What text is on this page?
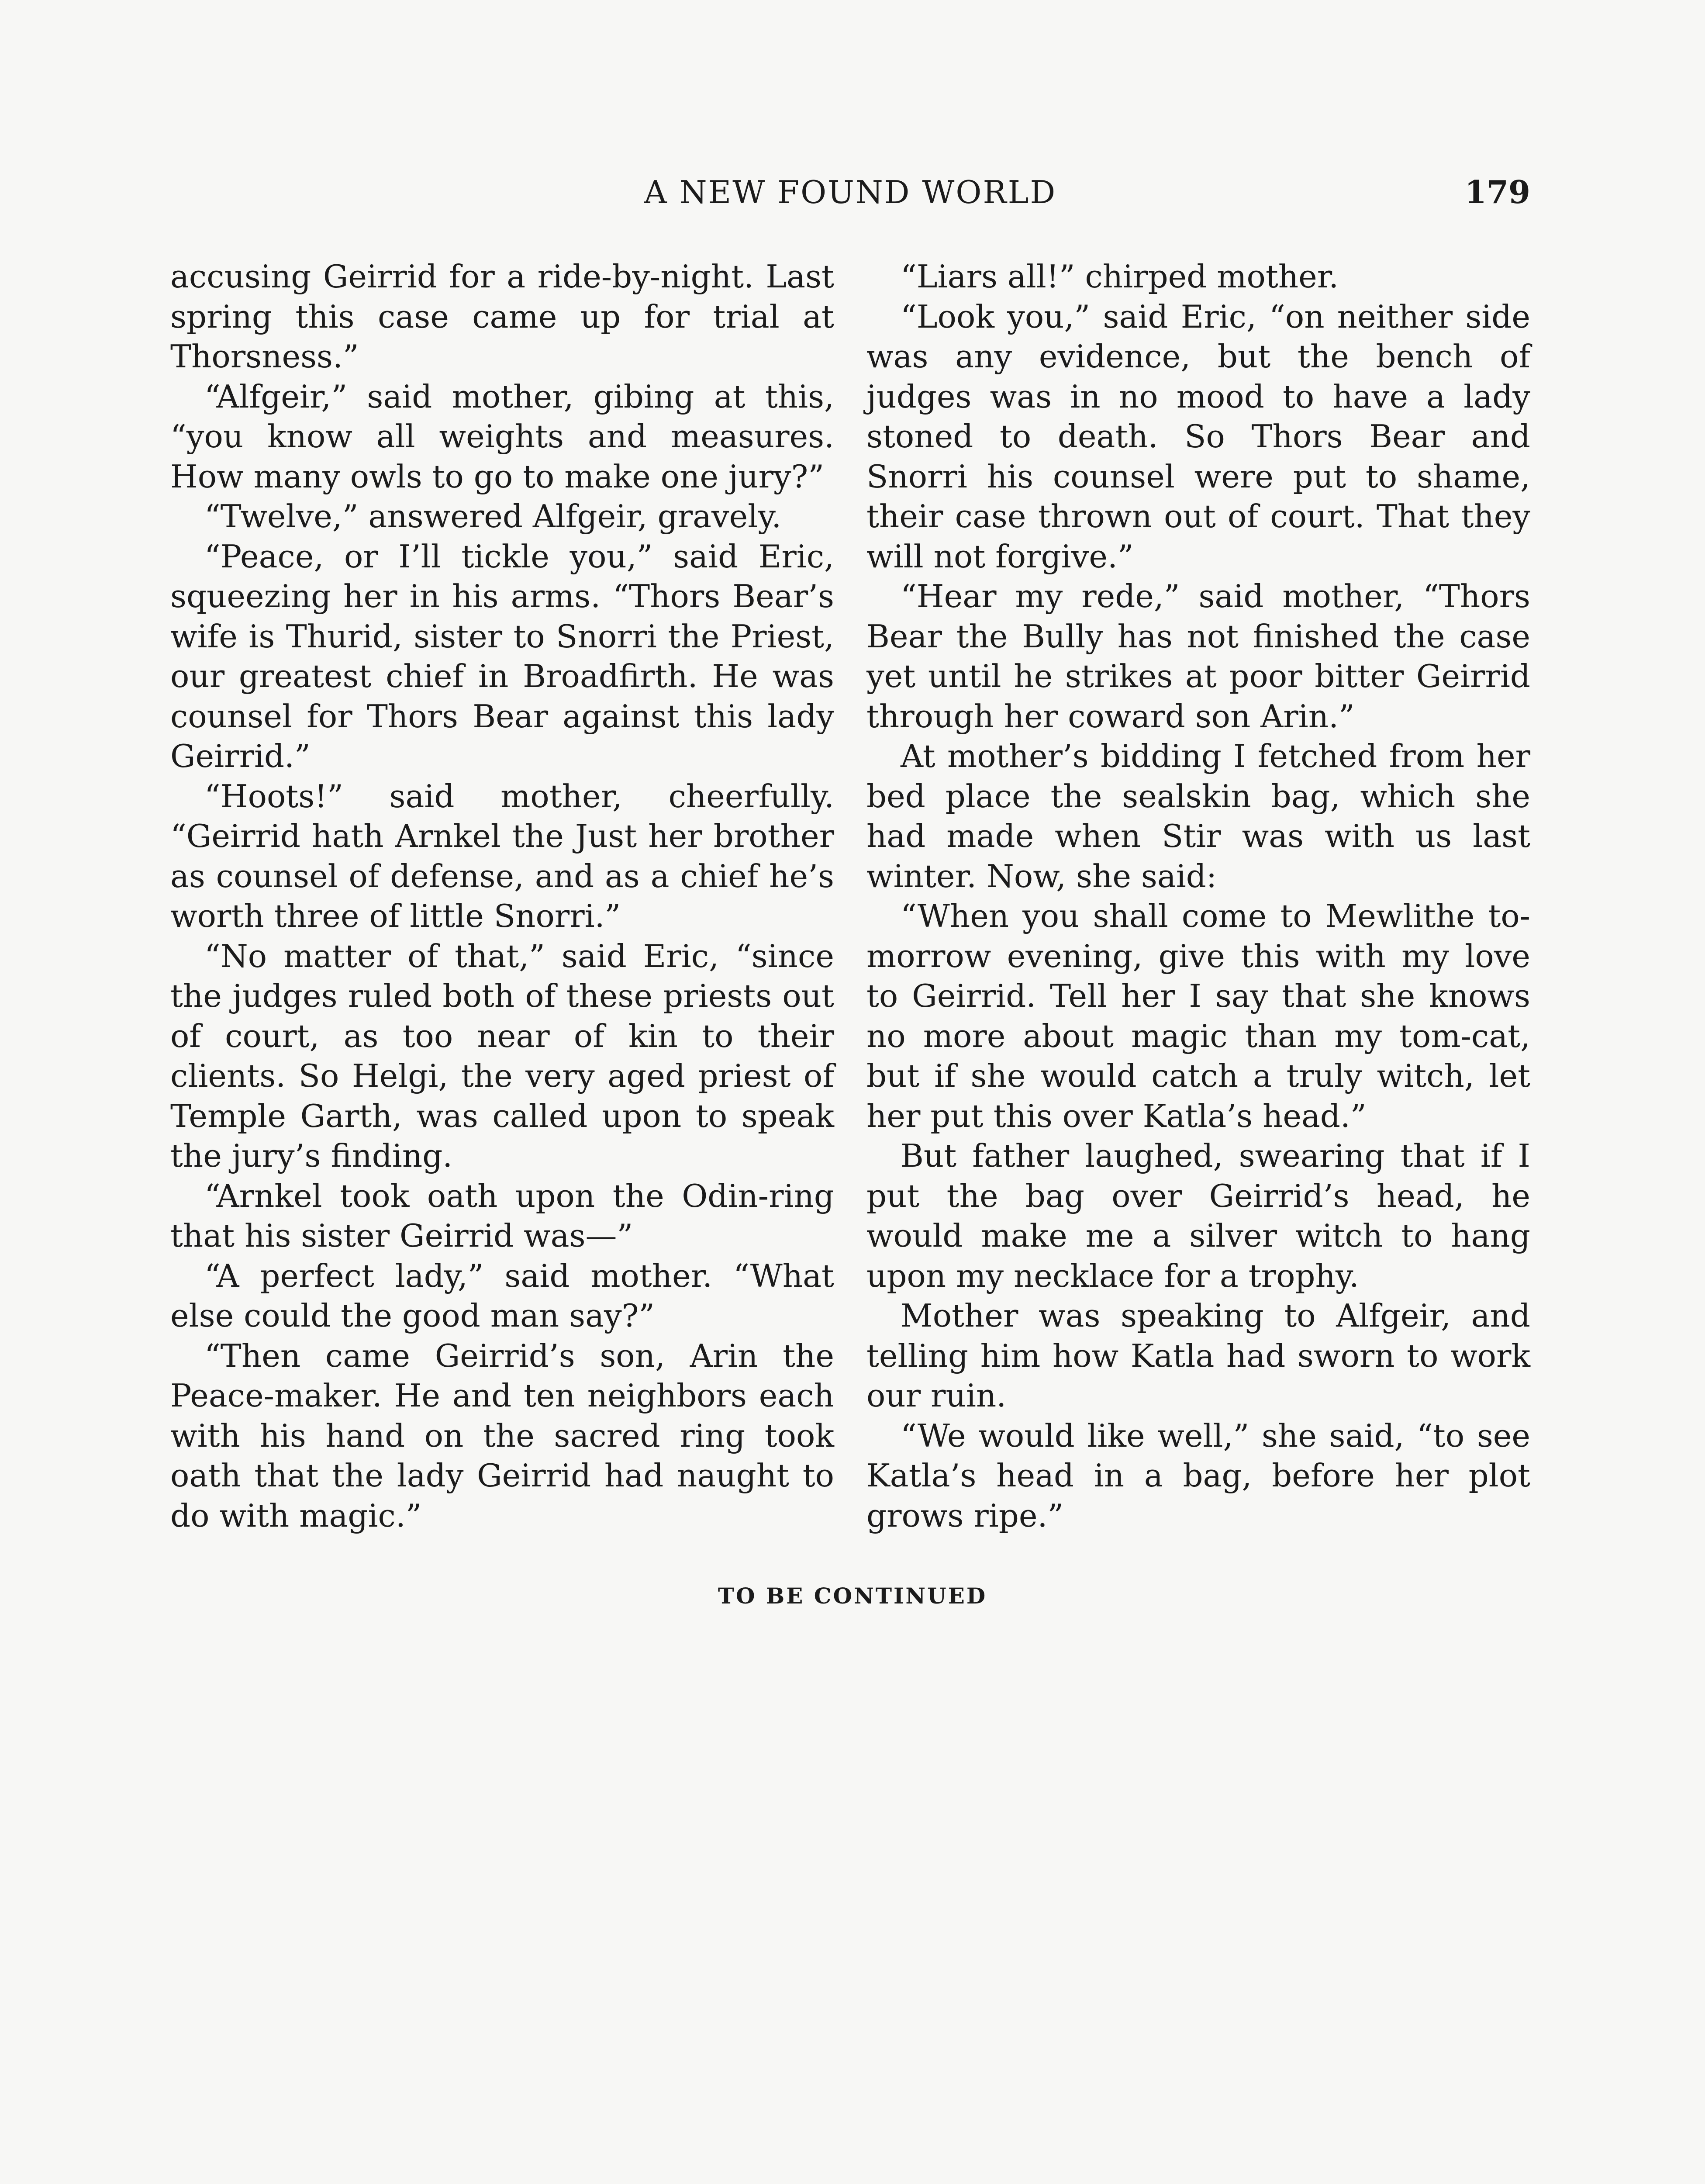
A NEW FOUND WORLD	179

accusing Geirrid for a ride-by-night. Last spring this case came up for trial at Thorsness.”

“Alfgeir,” said mother, gibing at this, “you know all weights and measures. How many owls to go to make one jury?”

“Twelve,” answered Alfgeir, gravely.

“Peace, or I’ll tickle you,” said Eric, squeezing her in his arms. “Thors Bear’s wife is Thurid, sister to Snorri the Priest, our greatest chief in Broadfirth. He was counsel for Thors Bear against this lady Geirrid.”

“Hoots!” said mother, cheerfully. “Geirrid hath Arnkel the Just her brother as counsel of defense, and as a chief he’s worth three of little Snorri.”

“No matter of that,” said Eric, “since the judges ruled both of these priests out of court, as too near of kin to their clients. So Helgi, the very aged priest of Temple Garth, was called upon to speak the jury’s finding.

“Arnkel took oath upon the Odin-ring that his sister Geirrid was—”

“A perfect lady,” said mother. “What else could the good man say?”

“Then came Geirrid’s son, Arin the Peace-maker. He and ten neighbors each with his hand on the sacred ring took oath that the lady Geirrid had naught to do with magic.”

“Liars all!” chirped mother.

“Look you,” said Eric, “on neither side was any evidence, but the bench of judges was in no mood to have a lady stoned to death. So Thors Bear and Snorri his counsel were put to shame, their case thrown out of court. That they will not forgive.”

“Hear my rede,” said mother, “Thors Bear the Bully has not finished the case yet until he strikes at poor bitter Geirrid through her coward son Arin.”

At mother’s bidding I fetched from her bed place the sealskin bag, which she had made when Stir was with us last winter. Now, she said:

“When you shall come to Mewlithe to-morrow evening, give this with my love to Geirrid. Tell her I say that she knows no more about magic than my tom-cat, but if she would catch a truly witch, let her put this over Katla’s head.”

But father laughed, swearing that if I put the bag over Geirrid’s head, he would make me a silver witch to hang upon my necklace for a trophy.

Mother was speaking to Alfgeir, and telling him how Katla had sworn to work our ruin.

“We would like well,” she said, “to see Katla’s head in a bag, before her plot grows ripe.”

TO BE CONTINUED
